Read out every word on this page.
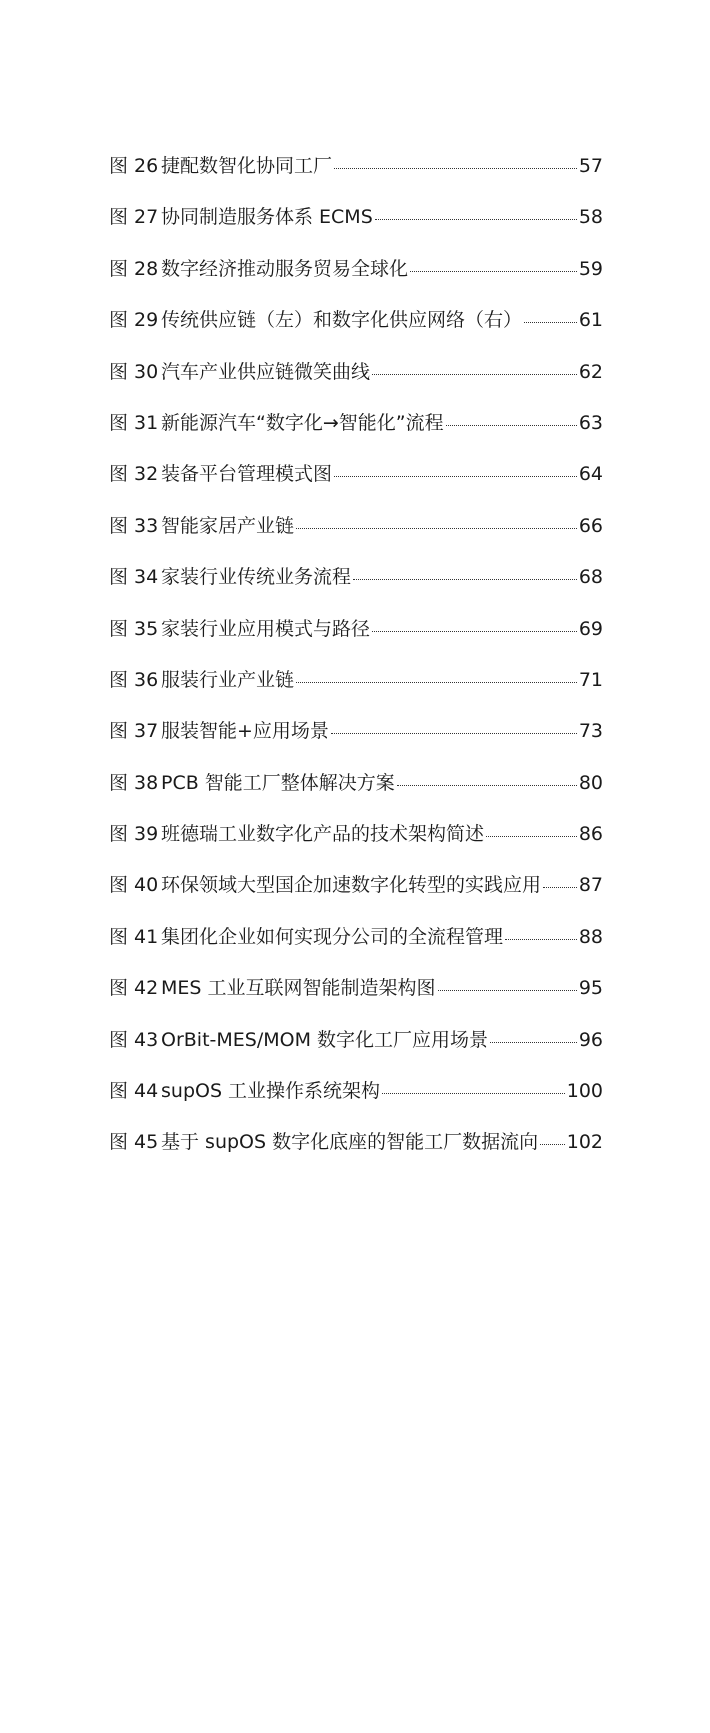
图 26 捷配数智化协同工厂	57
图 27 协同制造服务体系 ECMS	58
图 28 数字经济推动服务贸易全球化	59
图 29 传统供应链（左）和数字化供应网络（右）	61
图 30 汽车产业供应链微笑曲线	62
图 31 新能源汽车“数字化→智能化”流程	63
图 32 装备平台管理模式图	64
图 33 智能家居产业链	66
图 34 家装行业传统业务流程	68
图 35 家装行业应用模式与路径	69
图 36 服装行业产业链	71
图 37 服装智能+应用场景	73
图 38 PCB 智能工厂整体解决方案	80
图 39 班德瑞工业数字化产品的技术架构简述	86
图 40 环保领域大型国企加速数字化转型的实践应用 87
图 41 集团化企业如何实现分公司的全流程管理	88
图 42 MES 工业互联网智能制造架构图	95
图 43 OrBit-MES/MOM 数字化工厂应用场景	96
图 44 supOS 工业操作系统架构	100
图 45 基于 supOS 数字化底座的智能工厂数据流向 102
